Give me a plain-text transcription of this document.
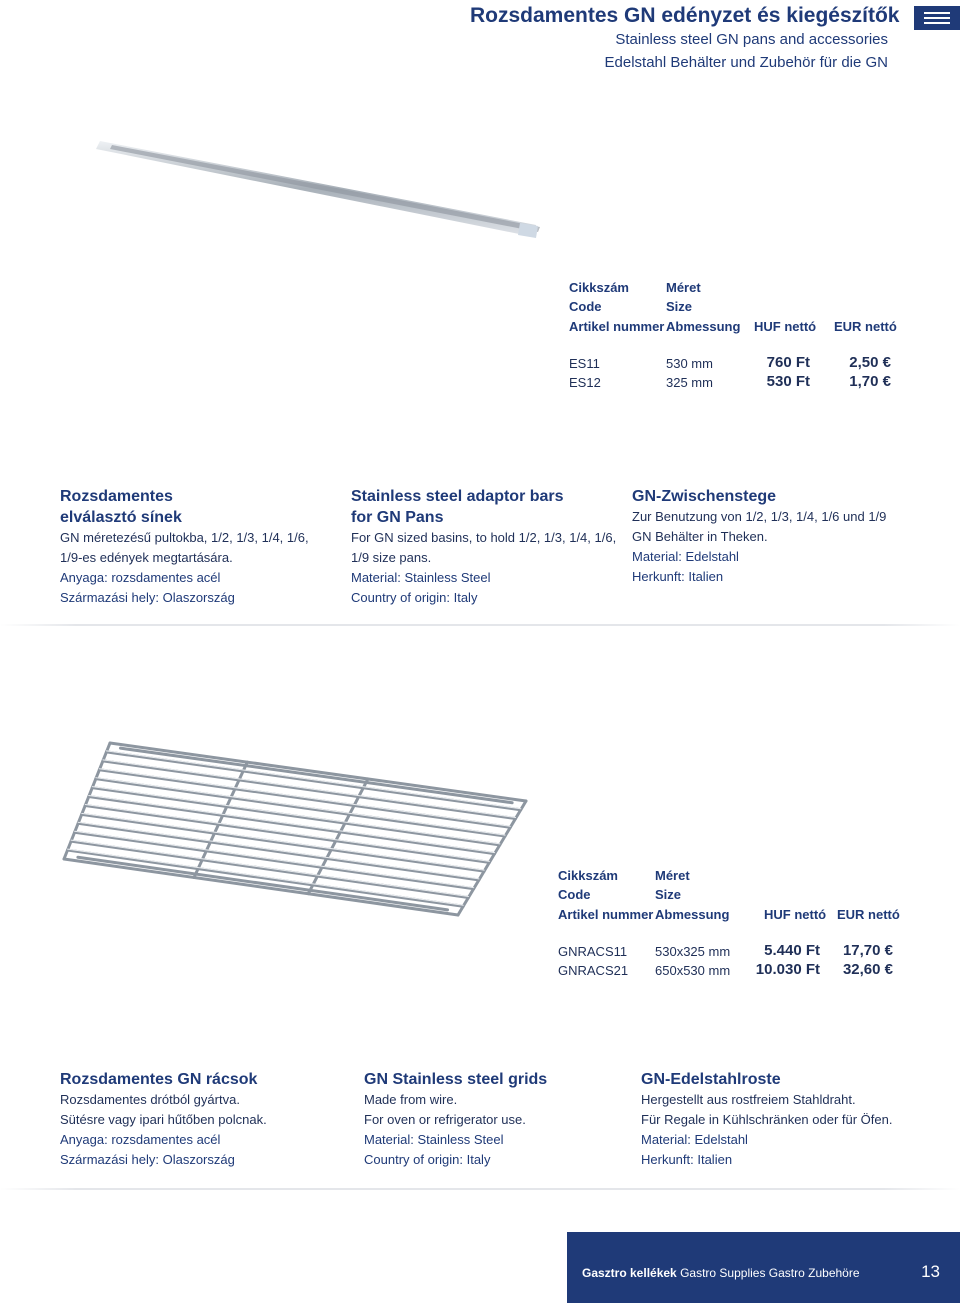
Rozsdamentes GN edényzet és kiegészítők
Stainless steel GN pans and accessories
Edelstahl Behälter und Zubehör für die GN
Cikkszám
Code
Artikel nummer
Méret
Size
Abmessung HUF nettó EUR nettó
ES11	530 mm	760 Ft	2,50 €
ES12	325 mm	530 Ft	1,70 €
Rozsdamentes elválasztó sínek
GN méretezésű pultokba, 1/2, 1/3, 1/4, 1/6, 1/9-es edények megtartására.
Anyaga: rozsdamentes acél
Származási hely: Olaszország
Stainless steel adaptor bars for GN Pans
For GN sized basins, to hold 1/2, 1/3, 1/4, 1/6, 1/9 size pans.
Material: Stainless Steel
Country of origin: Italy
GN-Zwischenstege
Zur Benutzung von 1/2, 1/3, 1/4, 1/6 und 1/9 GN Behälter in Theken.
Material: Edelstahl
Herkunft: Italien
Cikkszám
Code
Artikel nummer
Méret
Size
Abmessung	HUF nettó EUR nettó
GNRACS11 530x325 mm 5.440 Ft 17,70 €
GNRACS21 650x530 mm 10.030 Ft 32,60 €
Rozsdamentes GN rácsok
Rozsdamentes drótból gyártva.
Sütésre vagy ipari hűtőben polcnak.
Anyaga: rozsdamentes acél
Származási hely: Olaszország
GN Stainless steel grids
Made from wire.
For oven or refrigerator use.
Material: Stainless Steel
Country of origin: Italy
GN-Edelstahlroste
Hergestellt aus rostfreiem Stahldraht.
Für Regale in Kühlschränken oder für Öfen.
Material: Edelstahl
Herkunft: Italien
Gasztro kellékek Gastro Supplies Gastro Zubehöre	13
